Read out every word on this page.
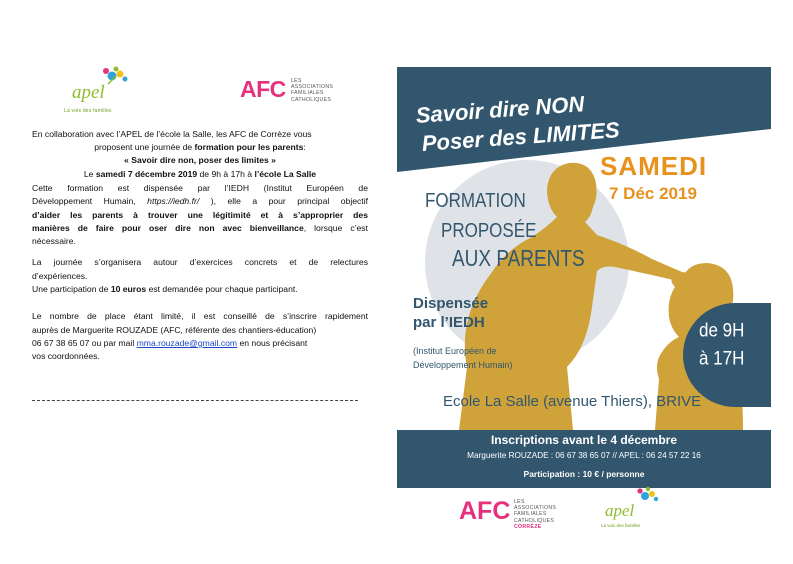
apel
La voix des familles
AFC LES
ASSOCIATIONS
FAMILIALES
CATHOLIQUES
En collaboration avec l’APEL de l’école la Salle, les AFC de Corrèze vous
proposent une journée de formation pour les parents:
« Savoir dire non, poser des limites »
Le samedi 7 décembre 2019 de 9h à 17h à l’école La Salle
Cette formation est dispensée par l’IEDH (Institut Européen de
Développement Humain, https://iedh.fr/ ), elle a pour principal objectif
d’aider les parents à trouver une légitimité et à s’approprier des
manières de faire pour oser dire non avec bienveillance, lorsque c’est
nécessaire.
La journée s’organisera autour d’exercices concrets et de relectures
d’expériences.
Une participation de 10 euros est demandée pour chaque participant.
Le nombre de place étant limité, il est conseillé de s’inscrire rapidement
auprès de Marguerite ROUZADE (AFC, référente des chantiers-éducation)
06 67 38 65 07 ou par mail mma.rouzade@gmail.com en nous précisant
vos coordonnées.
Savoir dire NON
Poser des LIMITES
SAMEDI
7 Déc 2019
FORMATION
PROPOSÉE
AUX PARENTS
Dispensée
par l’IEDH
(Institut Européen de
Développement Humain)
de 9H
à 17H
Ecole La Salle (avenue Thiers), BRIVE
Inscriptions avant le 4 décembre
Marguerite ROUZADE : 06 67 38 65 07 // APEL : 06 24 57 22 16
Participation : 10 € / personne
AFC LES
ASSOCIATIONS
FAMILIALES
CATHOLIQUES
CORRÈZE
apel
La voix des familles
